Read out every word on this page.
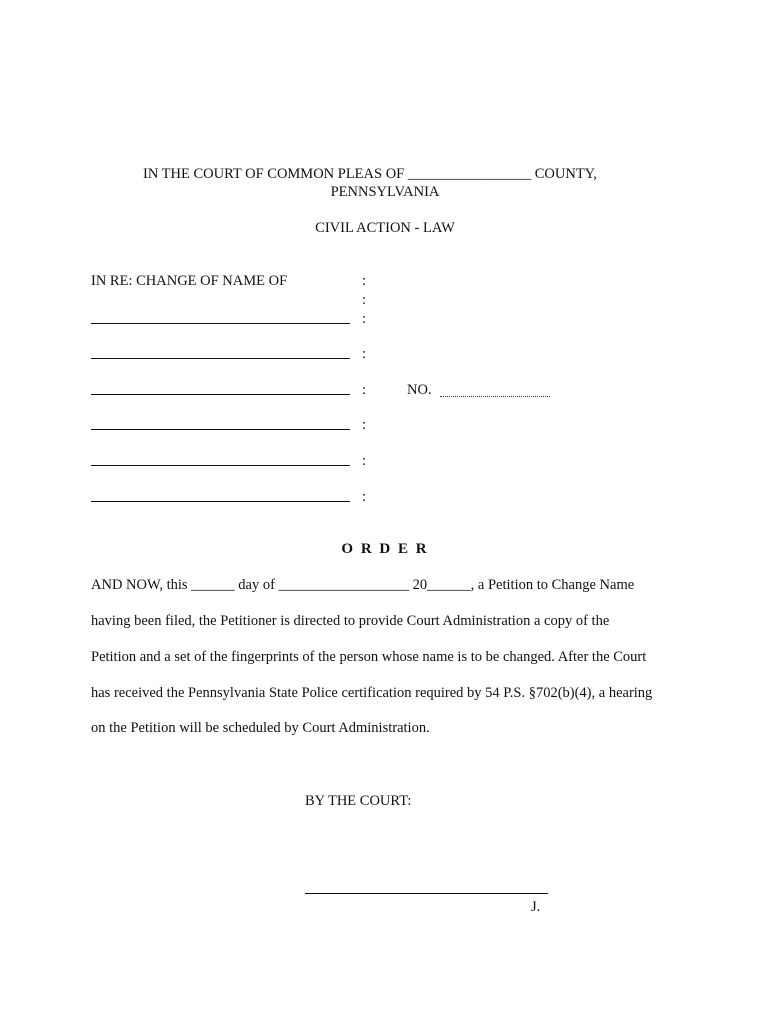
IN THE COURT OF COMMON PLEAS OF _________________ COUNTY,
PENNSYLVANIA
CIVIL ACTION - LAW
IN RE: CHANGE OF NAME OF	:
:
:
:
:
:
:
:
NO.
O R D E R
AND NOW, this ______ day of __________________ 20______, a Petition to Change Name
having been filed, the Petitioner is directed to provide Court Administration a copy of the
Petition and a set of the fingerprints of the person whose name is to be changed. After the Court
has received the Pennsylvania State Police certification required by 54 P.S. §702(b)(4), a hearing
on the Petition will be scheduled by Court Administration.
BY THE COURT:
J.
